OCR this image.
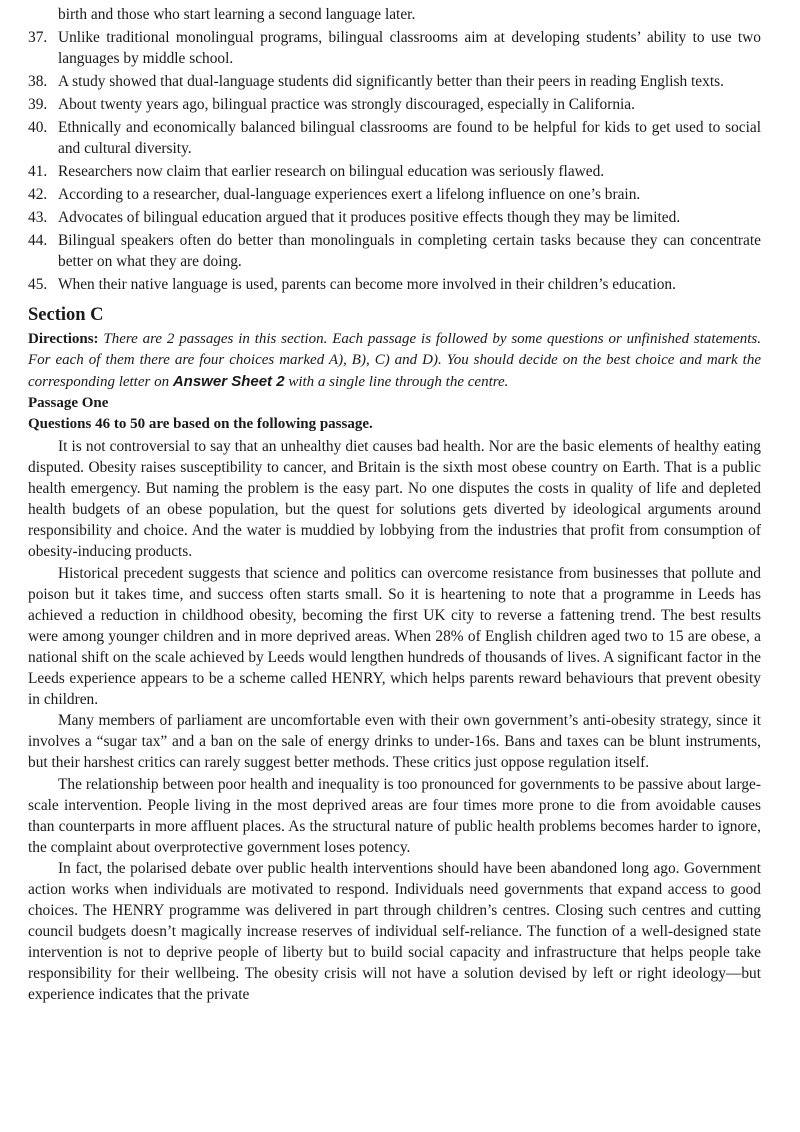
birth and those who start learning a second language later.
37. Unlike traditional monolingual programs, bilingual classrooms aim at developing students’ ability to use two languages by middle school.
38. A study showed that dual-language students did significantly better than their peers in reading English texts.
39. About twenty years ago, bilingual practice was strongly discouraged, especially in California.
40. Ethnically and economically balanced bilingual classrooms are found to be helpful for kids to get used to social and cultural diversity.
41. Researchers now claim that earlier research on bilingual education was seriously flawed.
42. According to a researcher, dual-language experiences exert a lifelong influence on one’s brain.
43. Advocates of bilingual education argued that it produces positive effects though they may be limited.
44. Bilingual speakers often do better than monolinguals in completing certain tasks because they can concentrate better on what they are doing.
45. When their native language is used, parents can become more involved in their children’s education.
Section C

Directions: There are 2 passages in this section. Each passage is followed by some questions or unfinished statements. For each of them there are four choices marked A), B), C) and D). You should decide on the best choice and mark the corresponding letter on Answer Sheet 2 with a single line through the centre.

Passage One

Questions 46 to 50 are based on the following passage.

It is not controversial to say that an unhealthy diet causes bad health. Nor are the basic elements of healthy eating disputed. Obesity raises susceptibility to cancer, and Britain is the sixth most obese country on Earth. That is a public health emergency. But naming the problem is the easy part. No one disputes the costs in quality of life and depleted health budgets of an obese population, but the quest for solutions gets diverted by ideological arguments around responsibility and choice. And the water is muddied by lobbying from the industries that profit from consumption of obesity-inducing products.

Historical precedent suggests that science and politics can overcome resistance from businesses that pollute and poison but it takes time, and success often starts small. So it is heartening to note that a programme in Leeds has achieved a reduction in childhood obesity, becoming the first UK city to reverse a fattening trend. The best results were among younger children and in more deprived areas. When 28% of English children aged two to 15 are obese, a national shift on the scale achieved by Leeds would lengthen hundreds of thousands of lives. A significant factor in the Leeds experience appears to be a scheme called HENRY, which helps parents reward behaviours that prevent obesity in children.

Many members of parliament are uncomfortable even with their own government’s anti-obesity strategy, since it involves a “sugar tax” and a ban on the sale of energy drinks to under-16s. Bans and taxes can be blunt instruments, but their harshest critics can rarely suggest better methods. These critics just oppose regulation itself.

The relationship between poor health and inequality is too pronounced for governments to be passive about large-scale intervention. People living in the most deprived areas are four times more prone to die from avoidable causes than counterparts in more affluent places. As the structural nature of public health problems becomes harder to ignore, the complaint about overprotective government loses potency.

In fact, the polarised debate over public health interventions should have been abandoned long ago. Government action works when individuals are motivated to respond. Individuals need governments that expand access to good choices. The HENRY programme was delivered in part through children’s centres. Closing such centres and cutting council budgets doesn’t magically increase reserves of individual self-reliance. The function of a well-designed state intervention is not to deprive people of liberty but to build social capacity and infrastructure that helps people take responsibility for their wellbeing. The obesity crisis will not have a solution devised by left or right ideology—but experience indicates that the private
